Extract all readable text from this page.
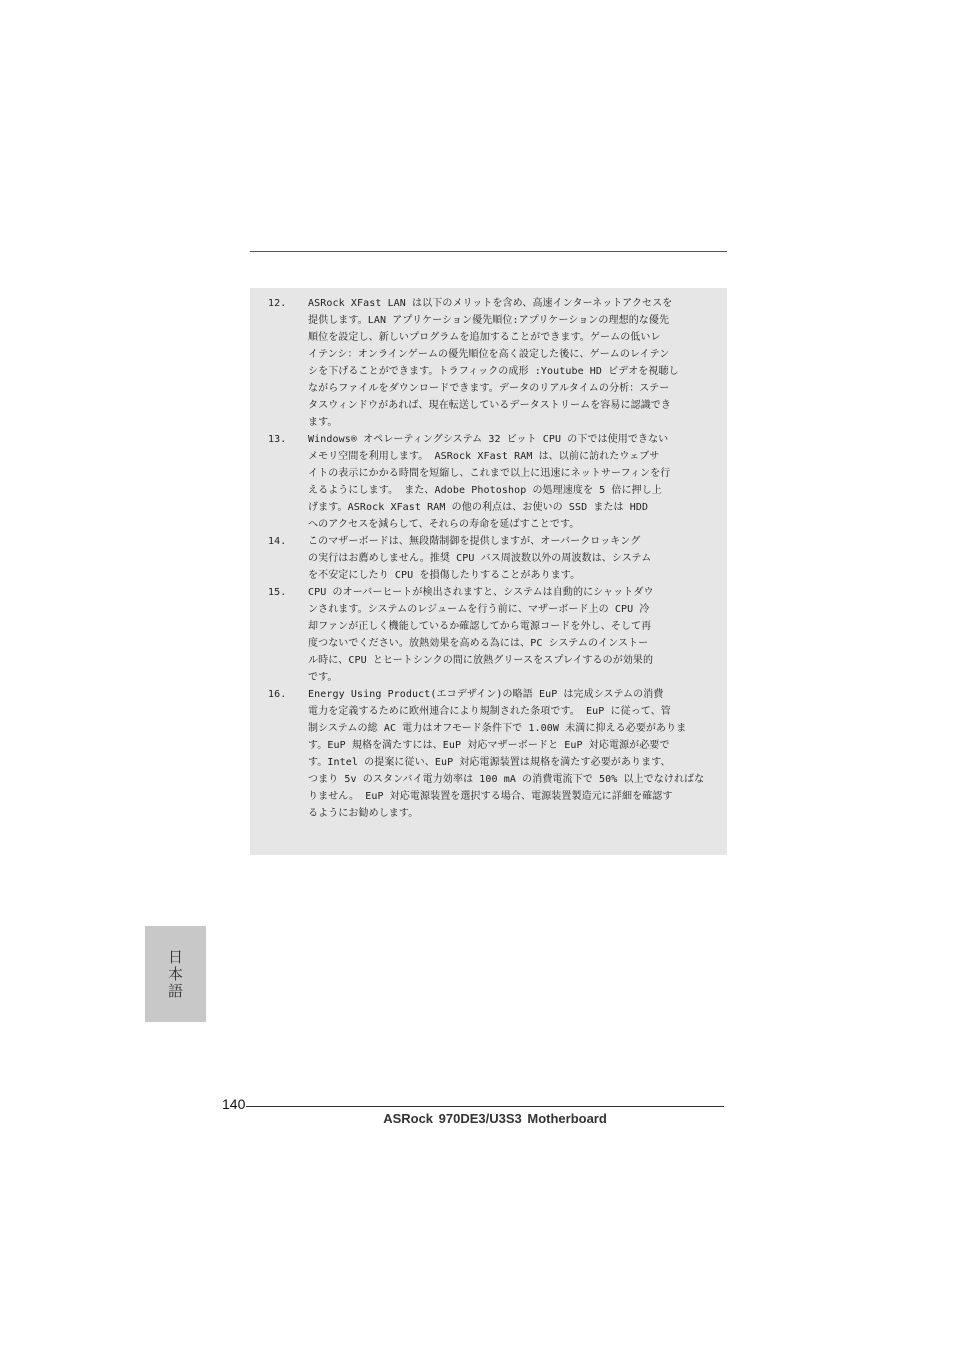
12.	ASRock XFast LAN は以下のメリットを含め、高速インターネットアクセスを
提供します。LAN アプリケーション優先順位:アプリケーションの理想的な優先
順位を設定し、新しいプログラムを追加することができます。ゲームの低いレ
イテンシ：オンラインゲームの優先順位を高く設定した後に、ゲームのレイテン
シを下げることができます。トラフィックの成形 :Youtube HD ビデオを視聴し
ながらファイルをダウンロードできます。データのリアルタイムの分析：ステー
タスウィンドウがあれば、現在転送しているデータストリームを容易に認識でき
ます。
13.	Windows® オペレーティングシステム 32 ビット CPU の下では使用できない
メモリ空間を利用します。 ASRock XFast RAM は、以前に訪れたウェブサ
イトの表示にかかる時間を短縮し、これまで以上に迅速にネットサーフィンを行
えるようにします。 また、Adobe Photoshop の処理速度を 5 倍に押し上
げます。ASRock XFast RAM の他の利点は、お使いの SSD または HDD
へのアクセスを減らして、それらの寿命を延ばすことです。
14.	このマザーボードは、無段階制御を提供しますが、オーバークロッキング
の実行はお薦めしません。推奨 CPU バス周波数以外の周波数は、システム
を不安定にしたり CPU を損傷したりすることがあります。
15.	CPU のオーバーヒートが検出されますと、システムは自動的にシャットダウ
ンされます。システムのレジュームを行う前に、マザーボード上の CPU 冷
却ファンが正しく機能しているか確認してから電源コードを外し、そして再
度つないでください。放熱効果を高める為には、PC システムのインストー
ル時に、CPU とヒートシンクの間に放熱グリースをスプレイするのが効果的
です。
16.	Energy Using Product(エコデザイン)の略語 EuP は完成システムの消費
電力を定義するために欧州連合により規制された条項です。 EuP に従って、管
制システムの総 AC 電力はオフモード条件下で 1.00W 未満に抑える必要がありま
す。EuP 規格を満たすには、EuP 対応マザーボードと EuP 対応電源が必要で
す。Intel の提案に従い、EuP 対応電源装置は規格を満たす必要があります、
つまり 5v のスタンバイ電力効率は 100 mA の消費電流下で 50% 以上でなければな
りません。 EuP 対応電源装置を選択する場合、電源装置製造元に詳細を確認す
るようにお勧めします。
日本語
140
ASRock 970DE3/U3S3 Motherboard
